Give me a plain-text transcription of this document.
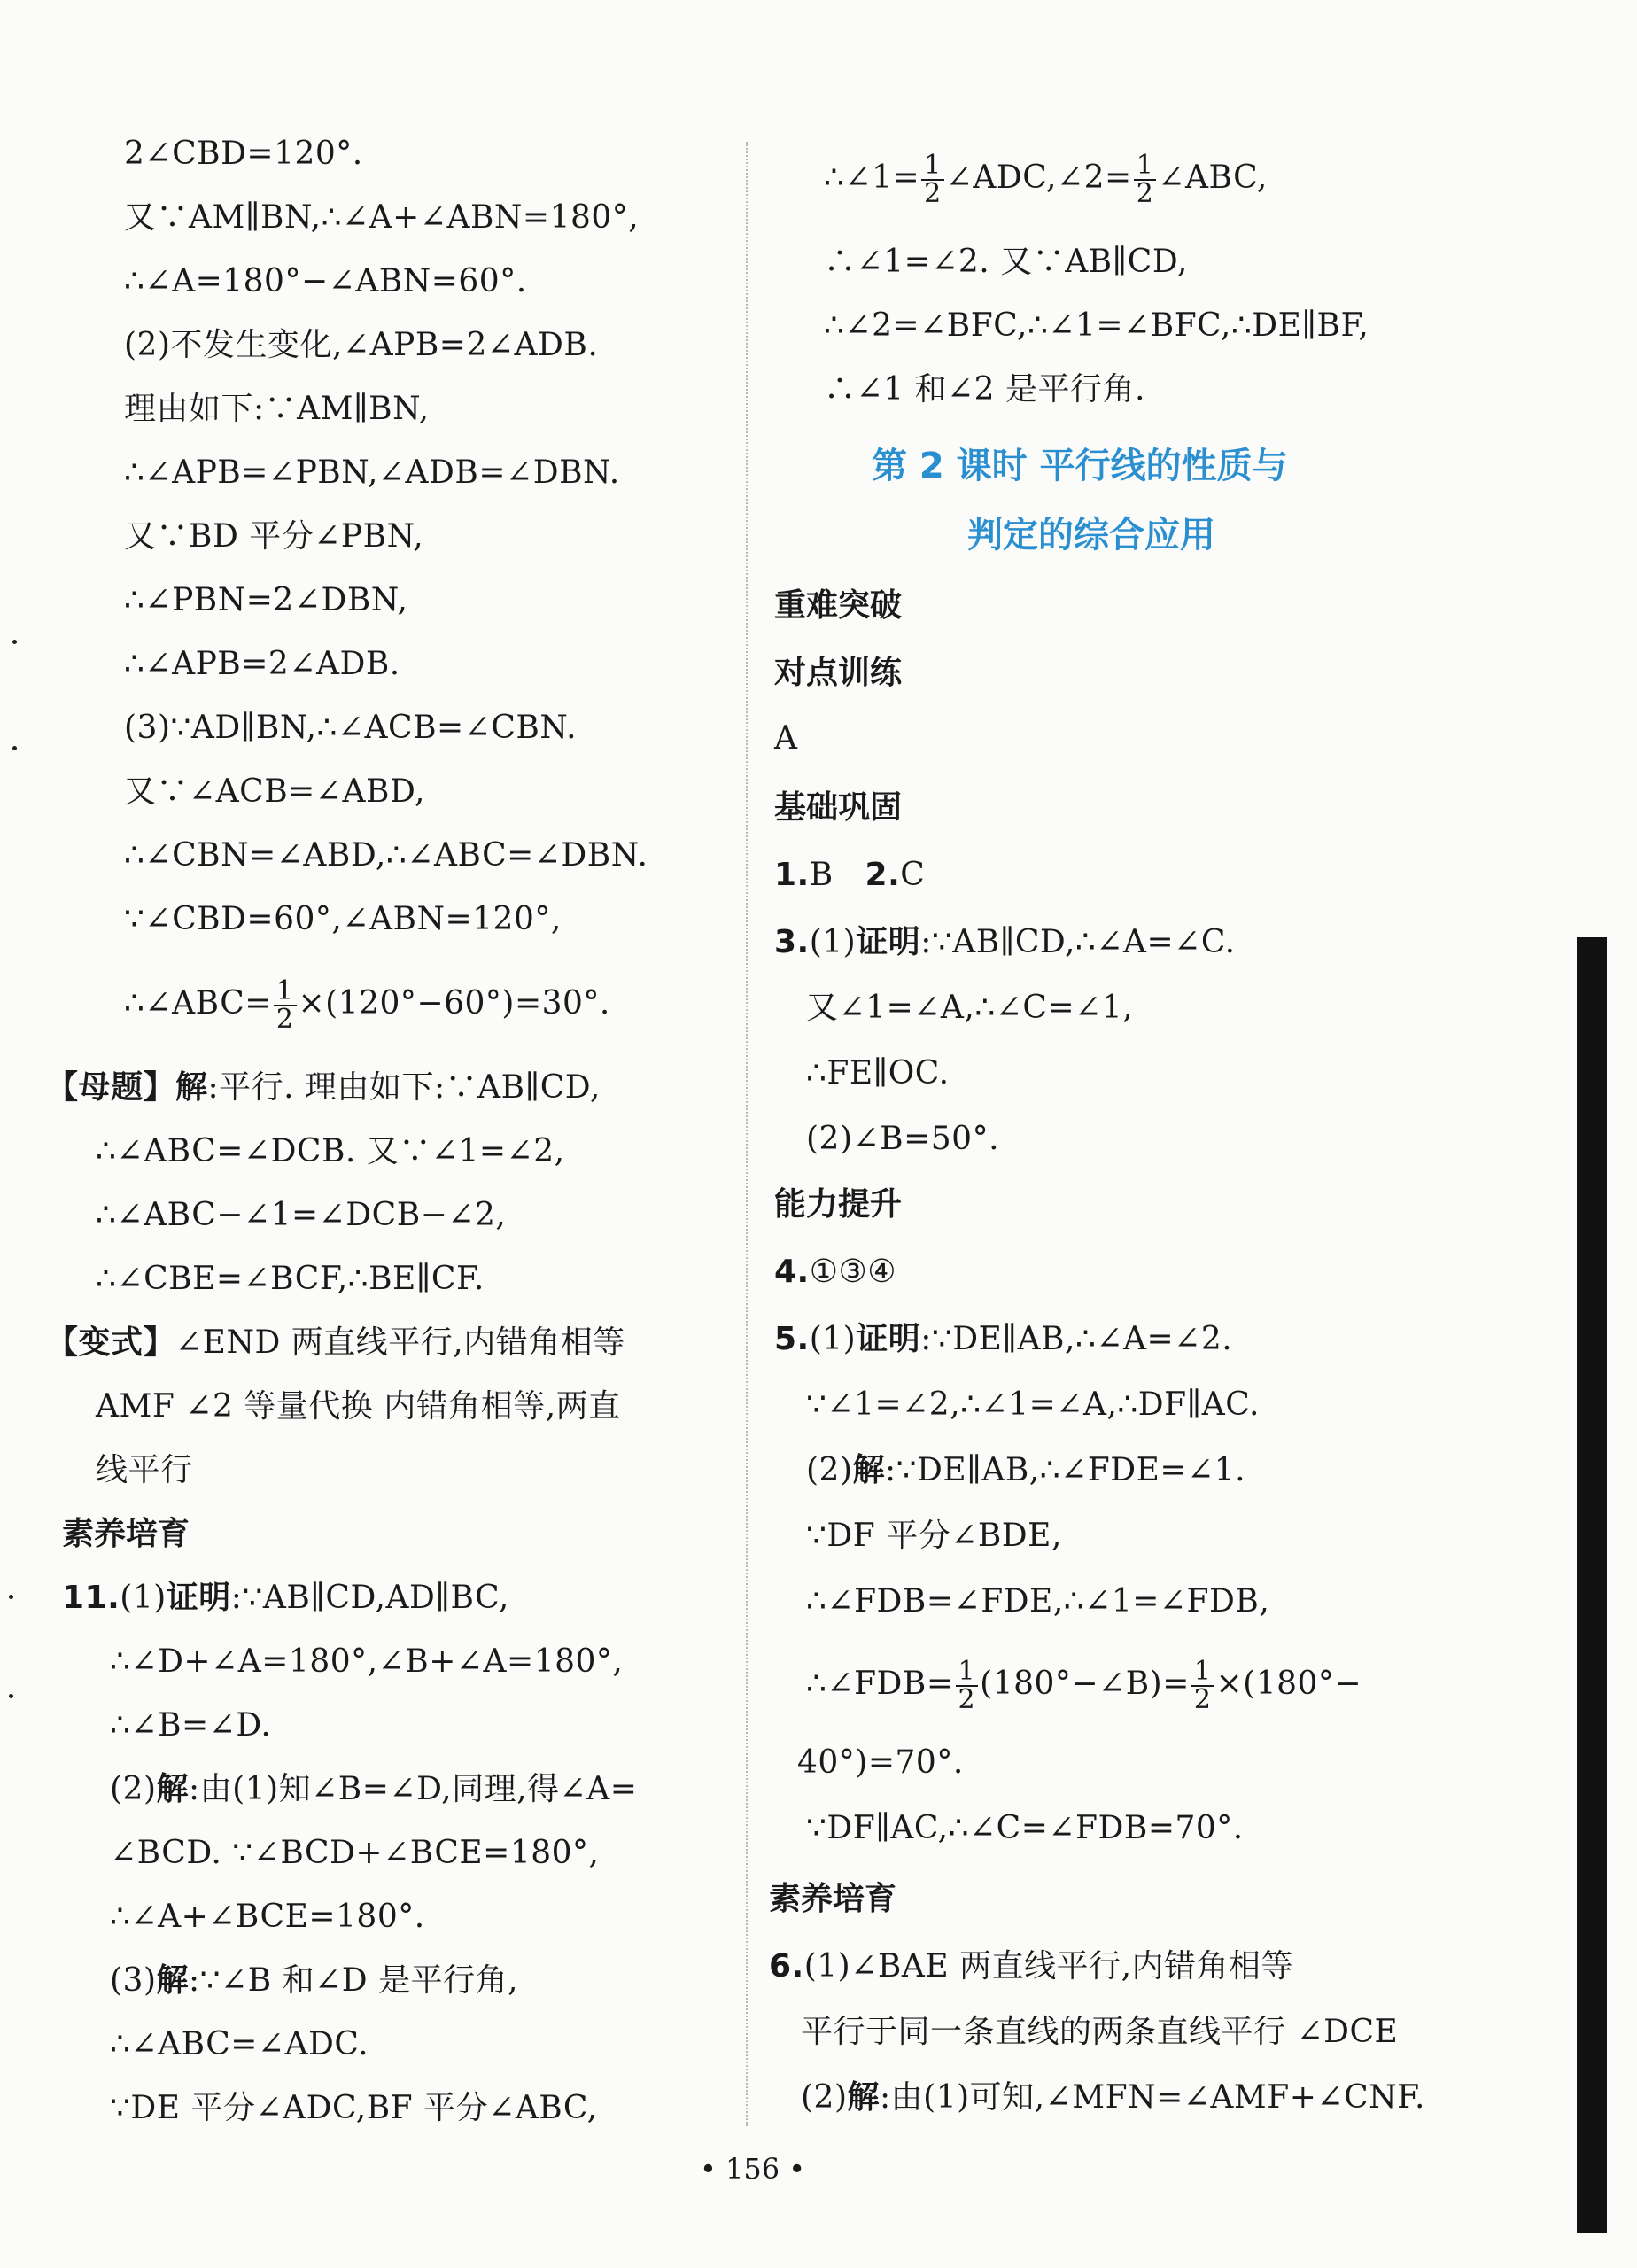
2∠CBD=120°.
又∵AM∥BN,∴∠A+∠ABN=180°,
∴∠A=180°−∠ABN=60°.
(2)不发生变化,∠APB=2∠ADB.
理由如下:∵AM∥BN,
∴∠APB=∠PBN,∠ADB=∠DBN.
又∵BD 平分∠PBN,
∴∠PBN=2∠DBN,
∴∠APB=2∠ADB.
(3)∵AD∥BN,∴∠ACB=∠CBN.
又∵∠ACB=∠ABD,
∴∠CBN=∠ABD,∴∠ABC=∠DBN.
∵∠CBD=60°,∠ABN=120°,
∴∠ABC= $\frac{1}{2} \times(120^\circ-60^\circ)=30^\circ$.
【母题】解:平行. 理由如下:∵AB∥CD,
∴∠ABC=∠DCB. 又∵∠1=∠2,
∴∠ABC−∠1=∠DCB−∠2,
∴∠CBE=∠BCF,∴BE∥CF.
【变式】∠END 两直线平行,内错角相等
AMF ∠2 等量代换 内错角相等,两直
线平行
素养培育
11.(1)证明:∵AB∥CD,AD∥BC,
∴∠D+∠A=180°,∠B+∠A=180°,
∴∠B=∠D.
(2)解:由(1)知∠B=∠D,同理,得∠A=
∠BCD. ∵∠BCD+∠BCE=180°,
∴∠A+∠BCE=180°.
(3)解:∵∠B 和∠D 是平行角,
∴∠ABC=∠ADC.
∵DE 平分∠ADC,BF 平分∠ABC,
∴∠1= $\frac{1}{2}$ ∠ADC,∠2= $\frac{1}{2}$ ∠ABC,
∴∠1=∠2. 又∵AB∥CD,
∴∠2=∠BFC,∴∠1=∠BFC,∴DE∥BF,
∴∠1 和∠2 是平行角.
第 2 课时 平行线的性质与
判定的综合应用
重难突破
对点训练
A
基础巩固
1.B 2.C
3.(1)证明:∵AB∥CD,∴∠A=∠C.
又∠1=∠A,∴∠C=∠1,
∴FE∥OC.
(2)∠B=50°.
能力提升
4.①③④
5.(1)证明:∵DE∥AB,∴∠A=∠2.
∵∠1=∠2,∴∠1=∠A,∴DF∥AC.
(2)解:∵DE∥AB,∴∠FDE=∠1.
∵DF 平分∠BDE,
∴∠FDB=∠FDE,∴∠1=∠FDB,
∴∠FDB= $\frac{1}{2}$ (180°−∠B)= $\frac{1}{2} \times(180^\circ-$
40°)=70°.
∵DF∥AC,∴∠C=∠FDB=70°.
素养培育
6.(1)∠BAE 两直线平行,内错角相等
平行于同一条直线的两条直线平行 ∠DCE
(2)解:由(1)可知,∠MFN=∠AMF+∠CNF.
• 156 •
